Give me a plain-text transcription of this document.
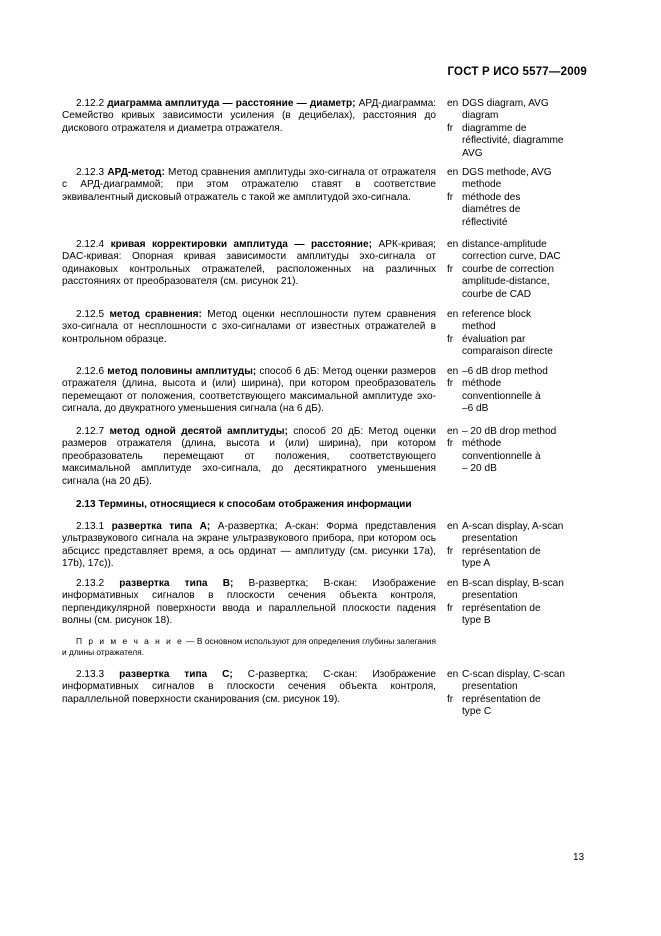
ГОСТ Р ИСО 5577—2009
2.12.2 диаграмма амплитуда — расстояние — диаметр; АРД-диаграмма: Семейство кривых зависимости усиления (в децибелах), расстояния до дискового отражателя и диаметра отражателя.
en DGS diagram, AVG
diagram
fr diagramme de
réflectivité, diagramme
AVG
2.12.3 АРД-метод: Метод сравнения амплитуды эхо-сигнала от отражателя с АРД-диаграммой; при этом отражателю ставят в соответствие эквивалентный дисковый отражатель с такой же амплитудой эхо-сигнала.
en DGS methode, AVG
methode
fr méthode des
diamétres de
réflectivité
2.12.4 кривая корректировки амплитуда — расстояние; АРК-кривая; DAC-кривая: Опорная кривая зависимости амплитуды эхо-сигнала от одинаковых контрольных отражателей, расположенных на различных расстояниях от преобразователя (см. рисунок 21).
en distance-amplitude
correction curve, DAC
fr courbe de correction
amplitude-distance,
courbe de CAD
2.12.5 метод сравнения: Метод оценки несплошности путем сравнения эхо-сигнала от несплошности с эхо-сигналами от известных отражателей в контрольном образце.
en reference block
method
fr évaluation par
comparaison directe
2.12.6 метод половины амплитуды; способ 6 дБ: Метод оценки размеров отражателя (длина, высота и (или) ширина), при котором преобразователь перемещают от положения, соответствующего максимальной амплитуде эхо-сигнала, до двукратного уменьшения сигнала (на 6 дБ).
en –6 dB drop method
fr méthode
conventionnelle à
–6 dB
2.12.7 метод одной десятой амплитуды; способ 20 дБ: Метод оценки размеров отражателя (длина, высота и (или) ширина), при котором преобразователь перемещают от положения, соответствующего максимальной амплитуде эхо-сигнала, до десятикратного уменьшения сигнала (на 20 дБ).
en – 20 dB drop method
fr méthode
conventionnelle à
– 20 dB
2.13 Термины, относящиеся к способам отображения информации
2.13.1 развертка типа А; А-развертка; А-скан: Форма представления ультразвукового сигнала на экране ультразвукового прибора, при котором ось абсцисс представляет время, а ось ординат — амплитуду (см. рисунки 17а), 17b), 17с)).
en A-scan display, A-scan
presentation
fr représentation de
type A
2.13.2 развертка типа В; В-развертка; В-скан: Изображение информативных сигналов в плоскости сечения объекта контроля, перпендикулярной поверхности ввода и параллельной плоскости падения волны (см. рисунок 18).
en B-scan display, B-scan
presentation
fr représentation de
type B
П р и м е ч а н и е — В основном используют для определения глубины залегания и длины отражателя.
2.13.3 развертка типа С; С-развертка; С-скан: Изображение информативных сигналов в плоскости сечения объекта контроля, параллельной поверхности сканирования (см. рисунок 19).
en C-scan display, C-scan
presentation
fr représentation de
type C
13
